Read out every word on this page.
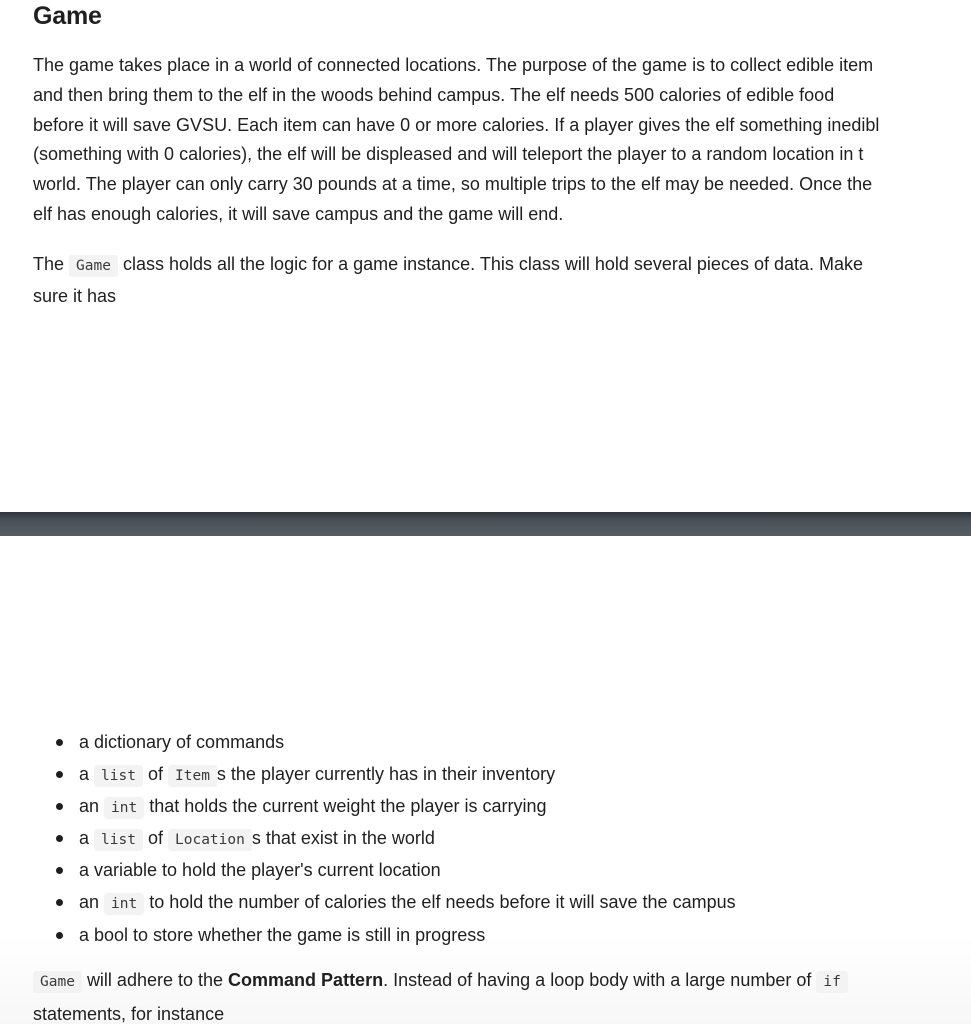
Game

The game takes place in a world of connected locations. The purpose of the game is to collect edible item
and then bring them to the elf in the woods behind campus. The elf needs 500 calories of edible food
before it will save GVSU. Each item can have 0 or more calories. If a player gives the elf something inedibl
(something with 0 calories), the elf will be displeased and will teleport the player to a random location in t
world. The player can only carry 30 pounds at a time, so multiple trips to the elf may be needed. Once the
elf has enough calories, it will save campus and the game will end.

The Game class holds all the logic for a game instance. This class will hold several pieces of data. Make
sure it has

a dictionary of commands
a list of Item s the player currently has in their inventory
an int that holds the current weight the player is carrying
a list of Location s that exist in the world
a variable to hold the player's current location
an int to hold the number of calories the elf needs before it will save the campus
a bool to store whether the game is still in progress

Game will adhere to the Command Pattern. Instead of having a loop body with a large number of if
statements, for instance
